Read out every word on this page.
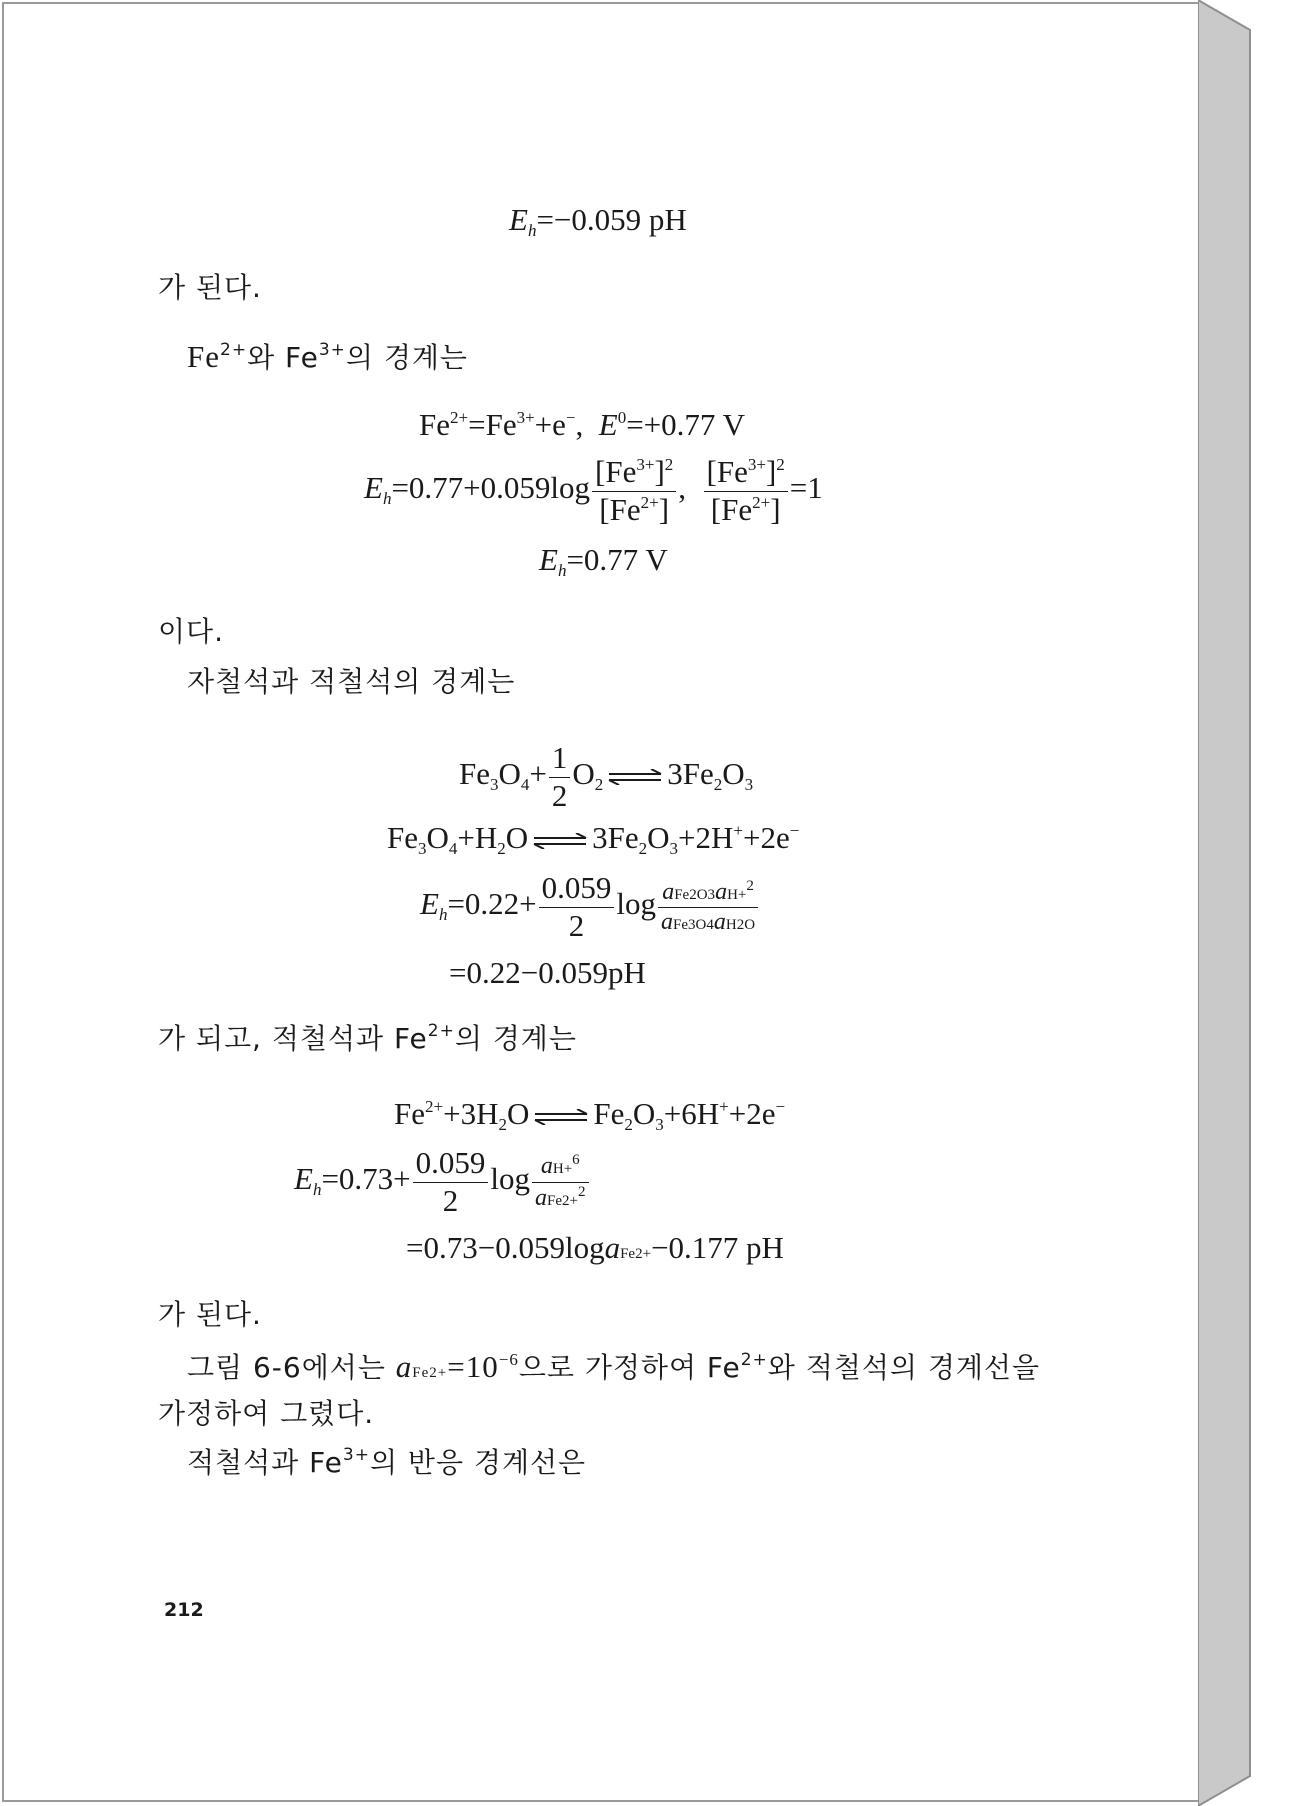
Eh=−0.059 pH
가 된다.
$Fe^{2+}$와 $Fe^{3+}$의 경계는
$Fe^{2+}=Fe^{3+}+e^-$,  $E^0=+0.77$ V
$Eh=0.77+0.059\log \frac{[Fe^{3+}]^2}{[Fe^{2+}]}$ , $\frac{[Fe^{3+}]^2}{[Fe^{2+}]} =1$
Eh=0.77 V
이다.
자철석과 적철석의 경계는
$Fe3O4+ \frac{1}{2} O2$ ⇌ 3Fe2O3
Fe3O4+H2O ⇌ 3Fe2O3+2H++2e−
$Eh=0.22+ \frac{0.059}{2}$ $\log \frac{aFe2O3aH+^2}{\text{aFe3O4aH2O}}$
=0.22−0.059pH
가 되고, 적철석과 $Fe^{2+}$의 경계는
$Fe^{2+}+3H2O$ ⇌ Fe2O3+6H++2e−
$Eh=0.73+ \frac{0.059}{2}$ $\log \frac{aH+^6}{aFe2+^2}$
=0.73−0.059logaFe2+−0.177 pH
가 된다.
그림 6-6에서는 $aFe2+=10^{-6}$으로 가정하여 $Fe^{2+}$와 적철석의 경계선을
가정하여 그렸다.
적철석과 $Fe^{3+}$의 반응 경계선은
212
